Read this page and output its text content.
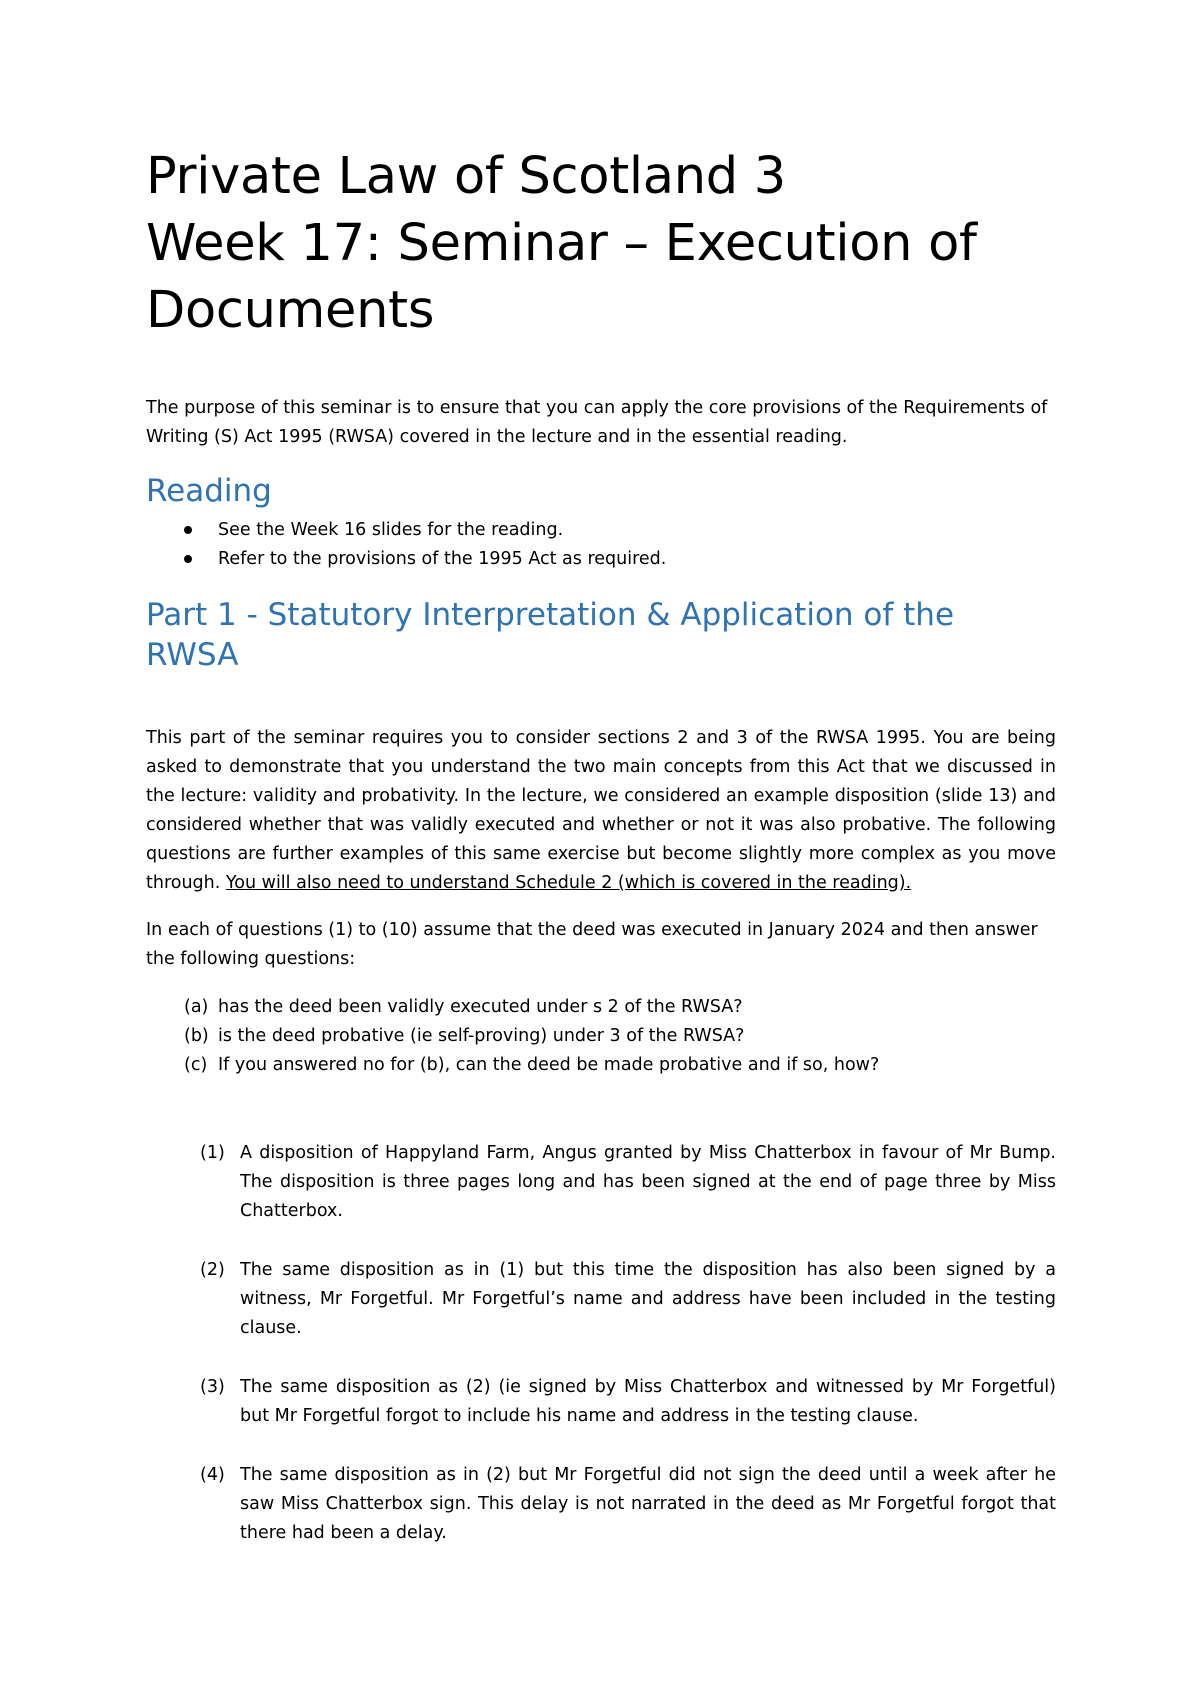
Private Law of Scotland 3
Week 17: Seminar – Execution of
Documents

The purpose of this seminar is to ensure that you can apply the core provisions of the Requirements of Writing (S) Act 1995 (RWSA) covered in the lecture and in the essential reading.

Reading
See the Week 16 slides for the reading.
Refer to the provisions of the 1995 Act as required.
Part 1 - Statutory Interpretation & Application of the RWSA

This part of the seminar requires you to consider sections 2 and 3 of the RWSA 1995. You are being asked to demonstrate that you understand the two main concepts from this Act that we discussed in the lecture: validity and probativity. In the lecture, we considered an example disposition (slide 13) and considered whether that was validly executed and whether or not it was also probative. The following questions are further examples of this same exercise but become slightly more complex as you move through. You will also need to understand Schedule 2 (which is covered in the reading).

In each of questions (1) to (10) assume that the deed was executed in January 2024 and then answer the following questions:

(a) has the deed been validly executed under s 2 of the RWSA?
(b) is the deed probative (ie self-proving) under 3 of the RWSA?
(c) If you answered no for (b), can the deed be made probative and if so, how?
(1) A disposition of Happyland Farm, Angus granted by Miss Chatterbox in favour of Mr Bump. The disposition is three pages long and has been signed at the end of page three by Miss Chatterbox.
(2) The same disposition as in (1) but this time the disposition has also been signed by a witness, Mr Forgetful. Mr Forgetful’s name and address have been included in the testing clause.
(3) The same disposition as (2) (ie signed by Miss Chatterbox and witnessed by Mr Forgetful) but Mr Forgetful forgot to include his name and address in the testing clause.
(4) The same disposition as in (2) but Mr Forgetful did not sign the deed until a week after he saw Miss Chatterbox sign. This delay is not narrated in the deed as Mr Forgetful forgot that there had been a delay.
